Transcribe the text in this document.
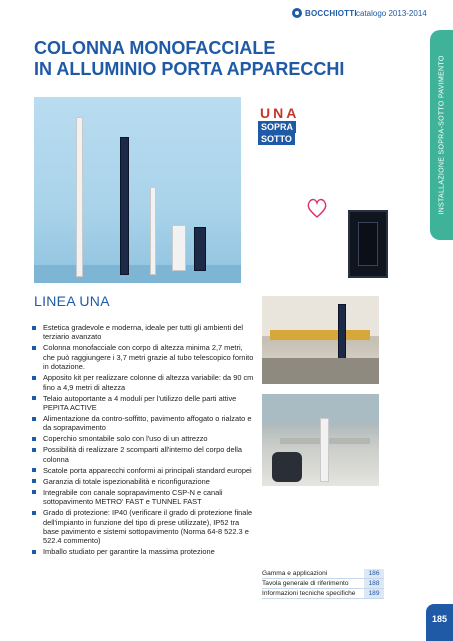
BOCCHIOTTI catalogo 2013-2014
INSTALLAZIONE SOPRA-SOTTO PAVIMENTO
COLONNA MONOFACCIALE
IN ALLUMINIO PORTA APPARECCHI
UNA
SOPRA
SOTTO
LINEA UNA
Estetica gradevole e moderna, ideale per tutti gli ambienti del terziario avanzato
Colonna monofacciale con corpo di altezza minima 2,7 metri, che può raggiungere i 3,7 metri grazie al tubo telescopico fornito in dotazione.
Apposito kit per realizzare colonne di altezza variabile: da 90 cm fino a 4,9 metri di altezza
Telaio autoportante a 4 moduli per l'utilizzo delle parti attive PEPITA ACTIVE
Alimentazione da contro-soffitto, pavimento affogato o rialzato e da soprapavimento
Coperchio smontabile solo con l'uso di un attrezzo
Possibilità di realizzare 2 scomparti all'interno del corpo della colonna
Scatole porta apparecchi conformi ai principali standard europei
Garanzia di totale ispezionabilità e riconfigurazione
Integrabile con canale soprapavimento CSP-N e canali sottopavimento METRO' FAST e TUNNEL FAST
Grado di protezione: IP40 (verificare il grado di protezione finale dell'impianto in funzione del tipo di prese utilizzate), IP52 tra base pavimento e sistemi sottopavimento (Norma 64-8 522.3 e 522.4 commento)
Imballo studiato per garantire la massima protezione
Gamma e applicazioni	186
Tavola generale di riferimento	188
Informazioni tecniche specifiche	189
185
